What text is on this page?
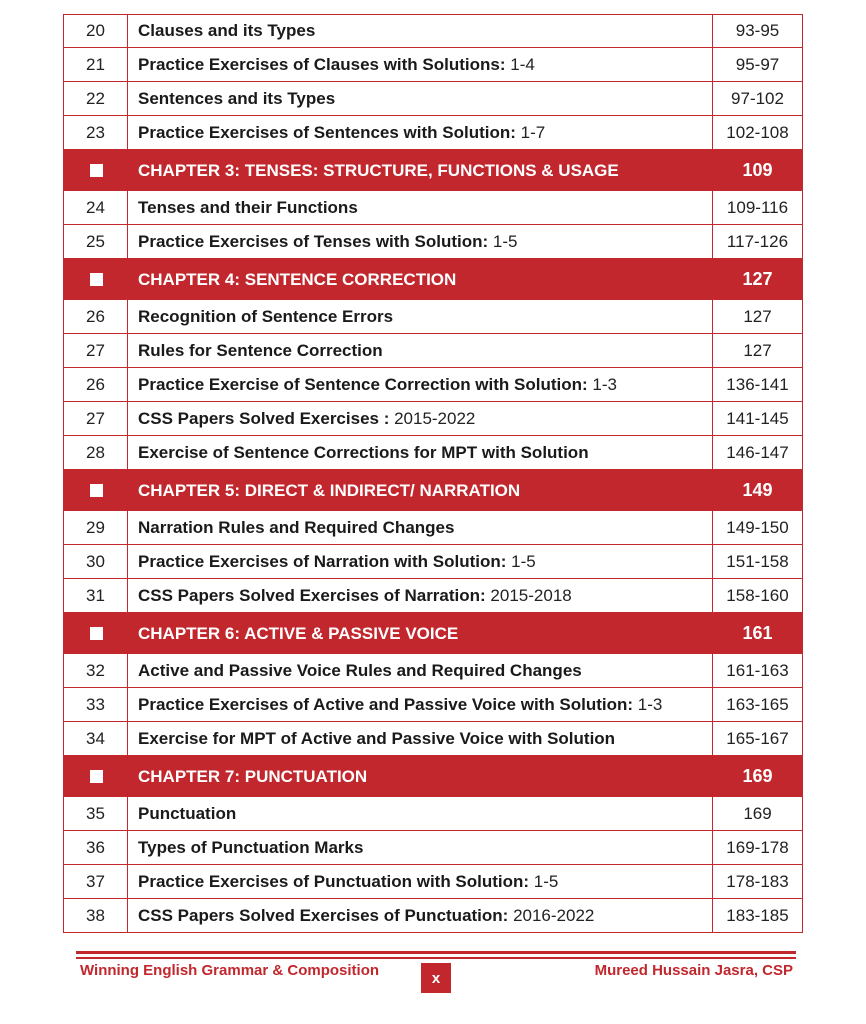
20	Clauses and its Types	93-95
21	Practice Exercises of Clauses with Solutions: 1-4	95-97
22	Sentences and its Types	97-102
23	Practice Exercises of Sentences with Solution: 1-7	102-108
CHAPTER 3: TENSES: STRUCTURE, FUNCTIONS & USAGE	109
24	Tenses and their Functions	109-116
25	Practice Exercises of Tenses with Solution: 1-5	117-126
CHAPTER 4: SENTENCE CORRECTION	127
26	Recognition of Sentence Errors	127
27	Rules for Sentence Correction	127
26	Practice Exercise of Sentence Correction with Solution: 1-3	136-141
27	CSS Papers Solved Exercises : 2015-2022	141-145
28	Exercise of Sentence Corrections for MPT with Solution	146-147
CHAPTER 5: DIRECT & INDIRECT/ NARRATION	149
29	Narration Rules and Required Changes	149-150
30	Practice Exercises of Narration with Solution: 1-5	151-158
31	CSS Papers Solved Exercises of Narration: 2015-2018	158-160
CHAPTER 6: ACTIVE & PASSIVE VOICE	161
32	Active and Passive Voice Rules and Required Changes	161-163
33	Practice Exercises of Active and Passive Voice with Solution: 1-3	163-165
34	Exercise for MPT of Active and Passive Voice with Solution	165-167
CHAPTER 7: PUNCTUATION	169
35	Punctuation	169
36	Types of Punctuation Marks	169-178
37	Practice Exercises of Punctuation with Solution: 1-5	178-183
38	CSS Papers Solved Exercises of Punctuation: 2016-2022	183-185
Winning English Grammar & Composition	x	Mureed Hussain Jasra, CSP
